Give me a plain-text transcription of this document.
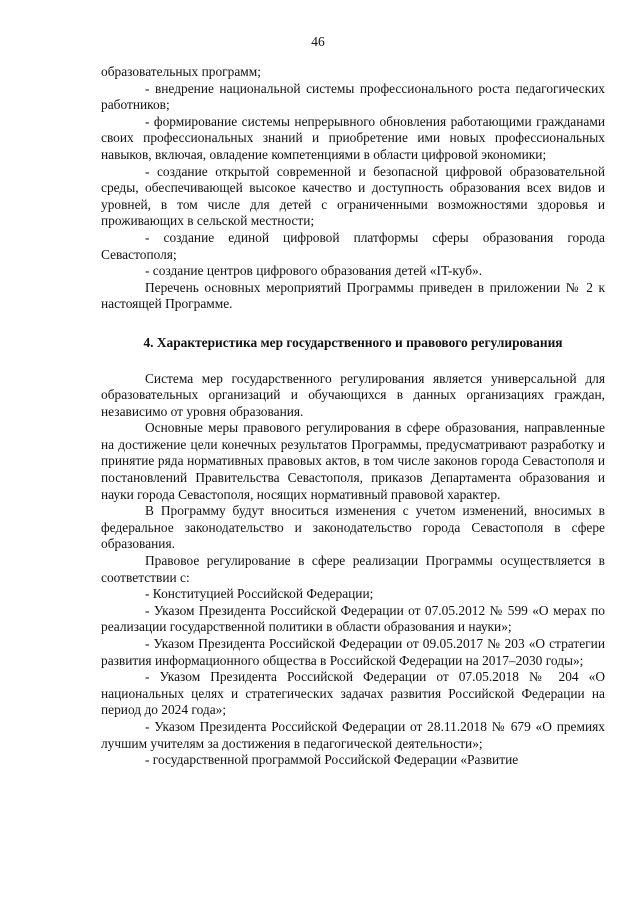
46

образовательных программ;

- внедрение национальной системы профессионального роста педагогических работников;

- формирование системы непрерывного обновления работающими гражданами своих профессиональных знаний и приобретение ими новых профессиональных навыков, включая, овладение компетенциями в области цифровой экономики;

- создание открытой современной и безопасной цифровой образовательной среды, обеспечивающей высокое качество и доступность образования всех видов и уровней, в том числе для детей с ограниченными возможностями здоровья и проживающих в сельской местности;

- создание единой цифровой платформы сферы образования города Севастополя;

- создание центров цифрового образования детей «IT-куб».

Перечень основных мероприятий Программы приведен в приложении № 2 к настоящей Программе.

4. Характеристика мер государственного и правового регулирования

Система мер государственного регулирования является универсальной для образовательных организаций и обучающихся в данных организациях граждан, независимо от уровня образования.

Основные меры правового регулирования в сфере образования, направленные на достижение цели конечных результатов Программы, предусматривают разработку и принятие ряда нормативных правовых актов, в том числе законов города Севастополя и постановлений Правительства Севастополя, приказов Департамента образования и науки города Севастополя, носящих нормативный правовой характер.

В Программу будут вноситься изменения с учетом изменений, вносимых в федеральное законодательство и законодательство города Севастополя в сфере образования.

Правовое регулирование в сфере реализации Программы осуществляется в соответствии с:

- Конституцией Российской Федерации;

- Указом Президента Российской Федерации от 07.05.2012 № 599 «О мерах по реализации государственной политики в области образования и науки»;

- Указом Президента Российской Федерации от 09.05.2017 № 203 «О стратегии развития информационного общества в Российской Федерации на 2017–2030 годы»;

- Указом Президента Российской Федерации от 07.05.2018 № 204 «О национальных целях и стратегических задачах развития Российской Федерации на период до 2024 года»;

- Указом Президента Российской Федерации от 28.11.2018 № 679 «О премиях лучшим учителям за достижения в педагогической деятельности»;

- государственной программой Российской Федерации «Развитие
